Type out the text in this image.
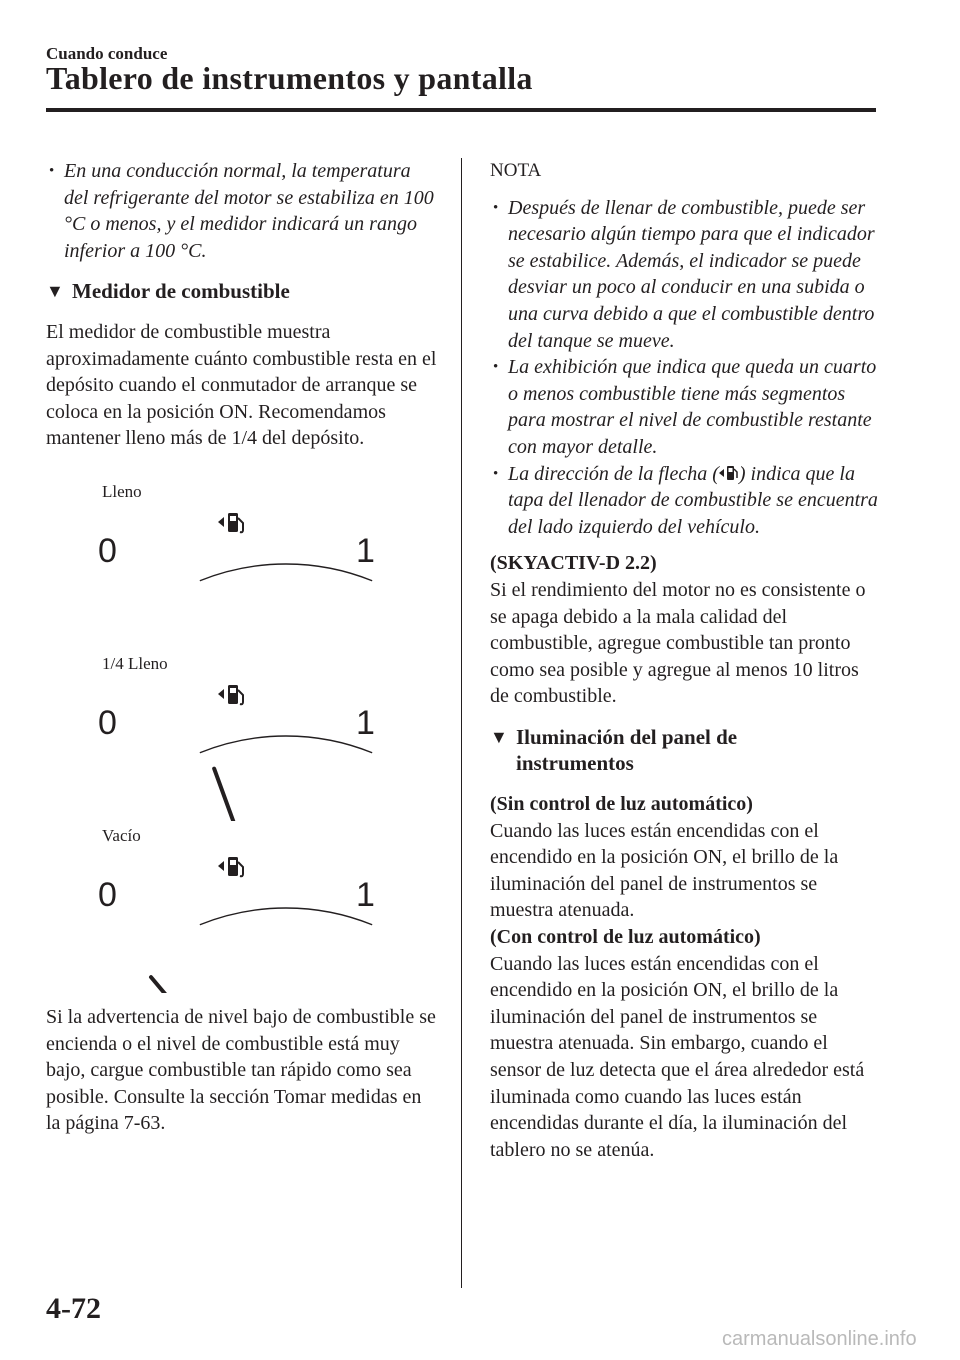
Cuando conduce
Tablero de instrumentos y pantalla

• En una conducción normal, la temperatura del refrigerante del motor se estabiliza en 100 °C o menos, y el medidor indicará un rango inferior a 100 °C.

▼ Medidor de combustible

El medidor de combustible muestra aproximadamente cuánto combustible resta en el depósito cuando el conmutador de arranque se coloca en la posición ON. Recomendamos mantener lleno más de 1/4 del depósito.

Lleno
0	1
1/4 Lleno
0	1
Vacío
0	1

Si la advertencia de nivel bajo de combustible se encienda o el nivel de combustible está muy bajo, cargue combustible tan rápido como sea posible. Consulte la sección Tomar medidas en la página 7-63.

NOTA

• Después de llenar de combustible, puede ser necesario algún tiempo para que el indicador se estabilice. Además, el indicador se puede desviar un poco al conducir en una subida o una curva debido a que el combustible dentro del tanque se mueve.

• La exhibición que indica que queda un cuarto o menos combustible tiene más segmentos para mostrar el nivel de combustible restante con mayor detalle.

• La dirección de la flecha ( ) indica que la tapa del llenador de combustible se encuentra del lado izquierdo del vehículo.

(SKYACTIV-D 2.2)

Si el rendimiento del motor no es consistente o se apaga debido a la mala calidad del combustible, agregue combustible tan pronto como sea posible y agregue al menos 10 litros de combustible.

▼ Iluminación del panel de
instrumentos

(Sin control de luz automático)

Cuando las luces están encendidas con el encendido en la posición ON, el brillo de la iluminación del panel de instrumentos se muestra atenuada.

(Con control de luz automático)

Cuando las luces están encendidas con el encendido en la posición ON, el brillo de la iluminación del panel de instrumentos se muestra atenuada. Sin embargo, cuando el sensor de luz detecta que el área alrededor está iluminada como cuando las luces están encendidas durante el día, la iluminación del tablero no se atenúa.

4-72
carmanualsonline.info
